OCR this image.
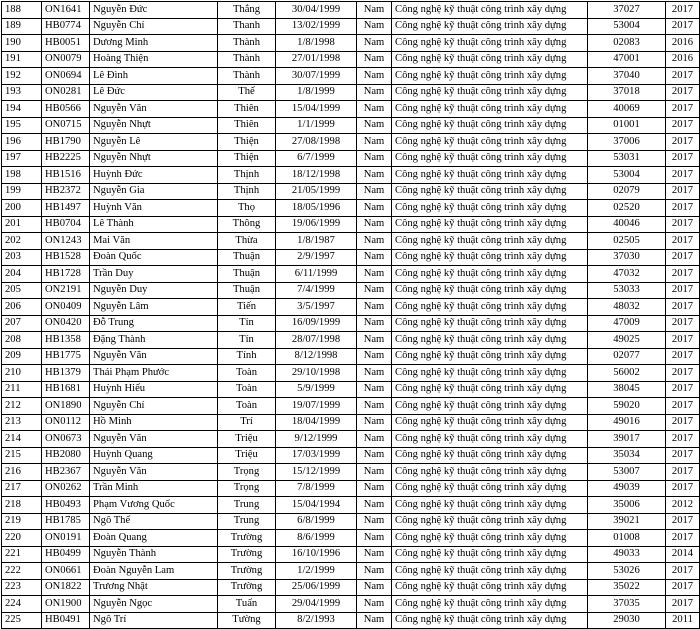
188	ON1641	Nguyễn Đức	Thắng	30/04/1999	Nam	Công nghệ kỹ thuật công trình xây dựng	37027	2017
189	HB0774	Nguyễn Chí	Thanh	13/02/1999	Nam	Công nghệ kỹ thuật công trình xây dựng	53004	2017
190	HB0051	Dương Minh	Thành	1/8/1998	Nam	Công nghệ kỹ thuật công trình xây dựng	02083	2016
191	ON0079	Hoàng Thiện	Thành	27/01/1998	Nam	Công nghệ kỹ thuật công trình xây dựng	47001	2016
192	ON0694	Lê Đình	Thành	30/07/1999	Nam	Công nghệ kỹ thuật công trình xây dựng	37040	2017
193	ON0281	Lê Đức	Thế	1/8/1999	Nam	Công nghệ kỹ thuật công trình xây dựng	37018	2017
194	HB0566	Nguyễn Văn	Thiên	15/04/1999	Nam	Công nghệ kỹ thuật công trình xây dựng	40069	2017
195	ON0715	Nguyễn Nhựt	Thiên	1/1/1999	Nam	Công nghệ kỹ thuật công trình xây dựng	01001	2017
196	HB1790	Nguyễn Lê	Thiện	27/08/1998	Nam	Công nghệ kỹ thuật công trình xây dựng	37006	2017
197	HB2225	Nguyễn Nhựt	Thiện	6/7/1999	Nam	Công nghệ kỹ thuật công trình xây dựng	53031	2017
198	HB1516	Huỳnh Đức	Thịnh	18/12/1998	Nam	Công nghệ kỹ thuật công trình xây dựng	53004	2017
199	HB2372	Nguyễn Gia	Thịnh	21/05/1999	Nam	Công nghệ kỹ thuật công trình xây dựng	02079	2017
200	HB1497	Huỳnh Văn	Thọ	18/05/1996	Nam	Công nghệ kỹ thuật công trình xây dựng	02520	2017
201	HB0704	Lê Thành	Thông	19/06/1999	Nam	Công nghệ kỹ thuật công trình xây dựng	40046	2017
202	ON1243	Mai Văn	Thừa	1/8/1987	Nam	Công nghệ kỹ thuật công trình xây dựng	02505	2017
203	HB1528	Đoàn Quốc	Thuận	2/9/1997	Nam	Công nghệ kỹ thuật công trình xây dựng	37030	2017
204	HB1728	Trần Duy	Thuận	6/11/1999	Nam	Công nghệ kỹ thuật công trình xây dựng	47032	2017
205	ON2191	Nguyễn Duy	Thuận	7/4/1999	Nam	Công nghệ kỹ thuật công trình xây dựng	53033	2017
206	ON0409	Nguyễn Lâm	Tiến	3/5/1997	Nam	Công nghệ kỹ thuật công trình xây dựng	48032	2017
207	ON0420	Đỗ Trung	Tín	16/09/1999	Nam	Công nghệ kỹ thuật công trình xây dựng	47009	2017
208	HB1358	Đặng Thành	Tín	28/07/1998	Nam	Công nghệ kỹ thuật công trình xây dựng	49025	2017
209	HB1775	Nguyễn Văn	Tính	8/12/1998	Nam	Công nghệ kỹ thuật công trình xây dựng	02077	2017
210	HB1379	Thái Phạm Phước	Toàn	29/10/1998	Nam	Công nghệ kỹ thuật công trình xây dựng	56002	2017
211	HB1681	Huỳnh Hiếu	Toàn	5/9/1999	Nam	Công nghệ kỹ thuật công trình xây dựng	38045	2017
212	ON1890	Nguyễn Chí	Toàn	19/07/1999	Nam	Công nghệ kỹ thuật công trình xây dựng	59020	2017
213	ON0112	Hồ Minh	Trí	18/04/1999	Nam	Công nghệ kỹ thuật công trình xây dựng	49016	2017
214	ON0673	Nguyễn Văn	Triệu	9/12/1999	Nam	Công nghệ kỹ thuật công trình xây dựng	39017	2017
215	HB2080	Huỳnh Quang	Triệu	17/03/1999	Nam	Công nghệ kỹ thuật công trình xây dựng	35034	2017
216	HB2367	Nguyễn Văn	Trọng	15/12/1999	Nam	Công nghệ kỹ thuật công trình xây dựng	53007	2017
217	ON0262	Trần Minh	Trọng	7/8/1999	Nam	Công nghệ kỹ thuật công trình xây dựng	49039	2017
218	HB0493	Phạm Vương Quốc	Trung	15/04/1994	Nam	Công nghệ kỹ thuật công trình xây dựng	35006	2012
219	HB1785	Ngô Thế	Trung	6/8/1999	Nam	Công nghệ kỹ thuật công trình xây dựng	39021	2017
220	ON0191	Đoàn Quang	Trường	8/6/1999	Nam	Công nghệ kỹ thuật công trình xây dựng	01008	2017
221	HB0499	Nguyễn Thành	Trường	16/10/1996	Nam	Công nghệ kỹ thuật công trình xây dựng	49033	2014
222	ON0661	Đoàn Nguyễn Lam	Trường	1/2/1999	Nam	Công nghệ kỹ thuật công trình xây dựng	53026	2017
223	ON1822	Trương Nhật	Trường	25/06/1999	Nam	Công nghệ kỹ thuật công trình xây dựng	35022	2017
224	ON1900	Nguyễn Ngọc	Tuấn	29/04/1999	Nam	Công nghệ kỹ thuật công trình xây dựng	37035	2017
225	HB0491	Ngô Trí	Tường	8/2/1993	Nam	Công nghệ kỹ thuật công trình xây dựng	29030	2011
